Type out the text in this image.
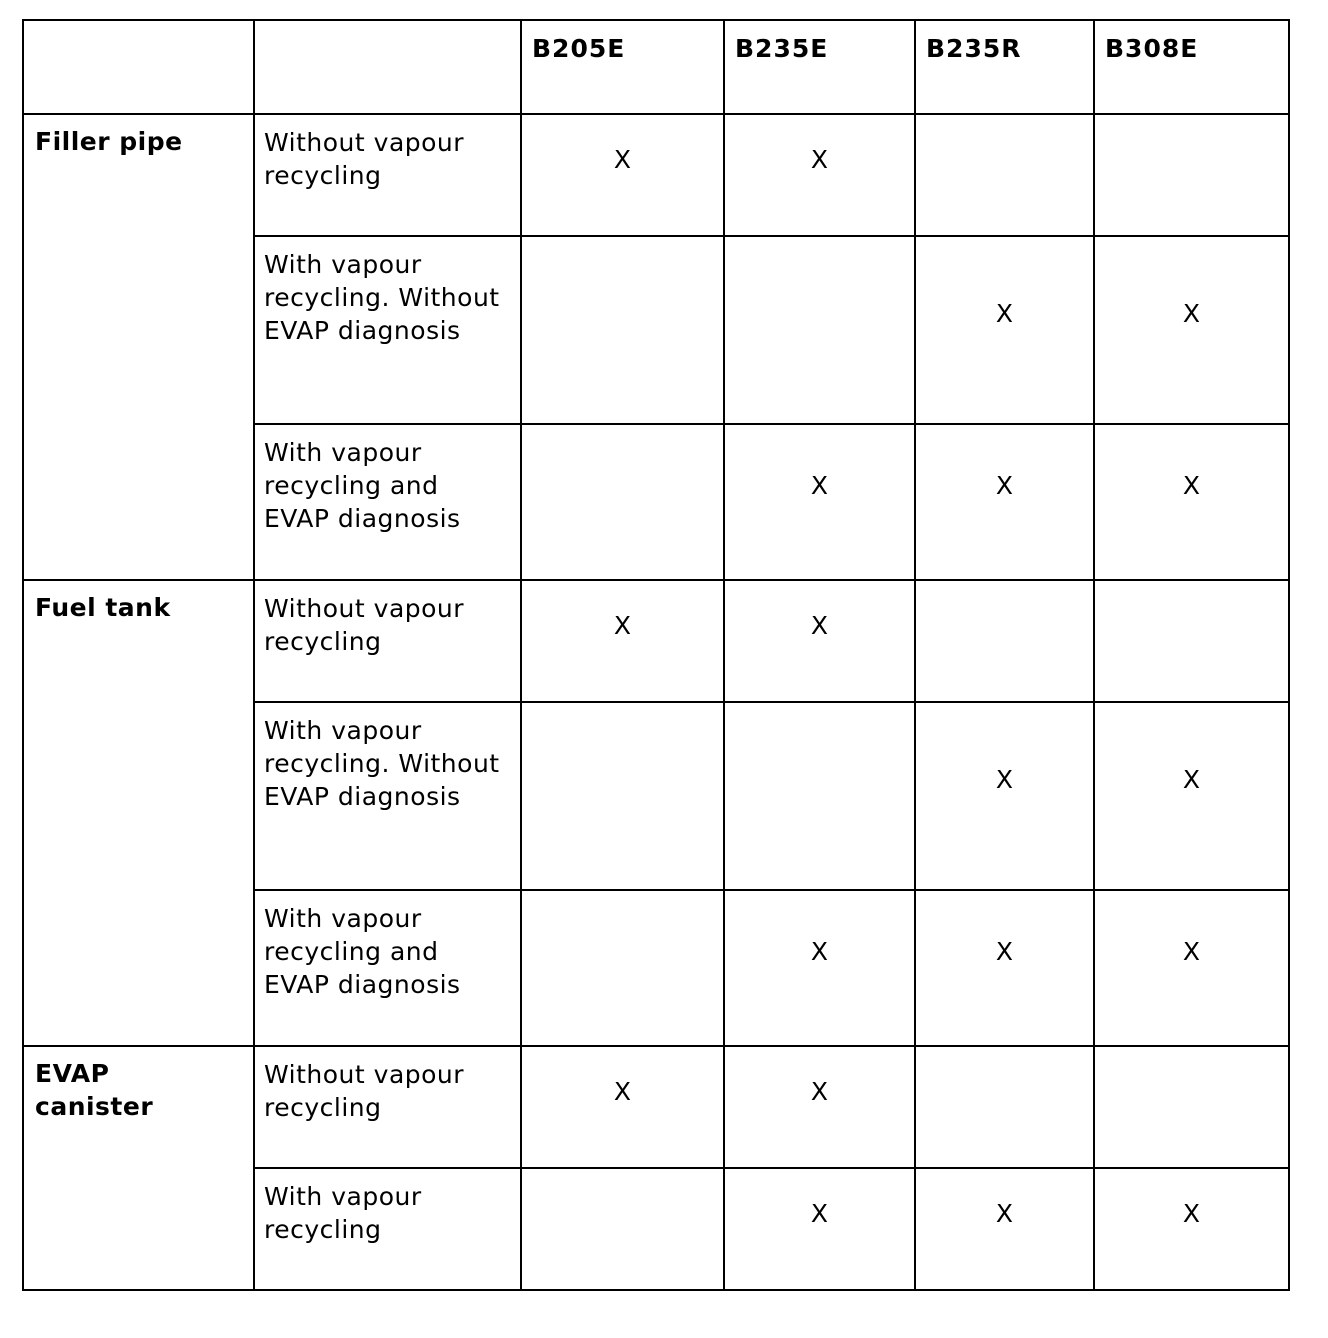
		B205E	B235E	B235R	B308E

Filler pipe	Without vapour recycling	X	X		

	With vapour recycling. Without EVAP diagnosis			X	X

	With vapour recycling and EVAP diagnosis		X	X	X

Fuel tank	Without vapour recycling	X	X		

	With vapour recycling. Without EVAP diagnosis			X	X

	With vapour recycling and EVAP diagnosis		X	X	X

EVAP canister	Without vapour recycling	X	X		

	With vapour recycling		X	X	X
